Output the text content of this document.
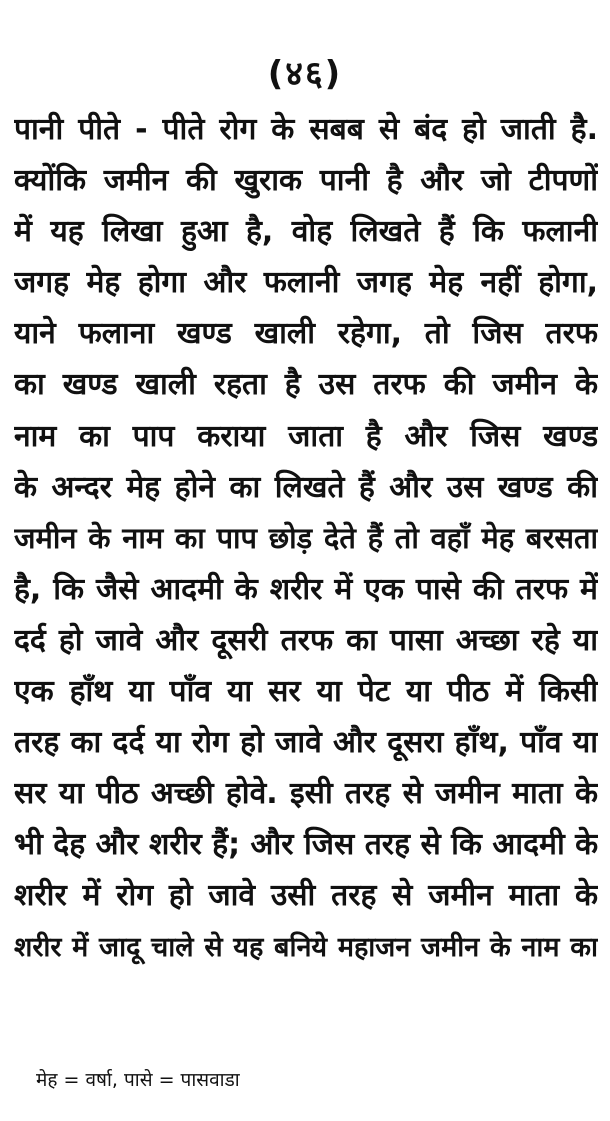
(४६)
पानी पीते - पीते रोग के सबब से बंद हो जाती है.
क्योंकि जमीन की खुराक पानी है और जो टीपणों
में यह लिखा हुआ है, वोह लिखते हैं कि फलानी
जगह मेह होगा और फलानी जगह मेह नहीं होगा,
याने फलाना खण्ड खाली रहेगा, तो जिस तरफ
का खण्ड खाली रहता है उस तरफ की जमीन के
नाम का पाप कराया जाता है और जिस खण्ड
के अन्दर मेह होने का लिखते हैं और उस खण्ड की
जमीन के नाम का पाप छोड़ देते हैं तो वहाँ मेह बरसता
है, कि जैसे आदमी के शरीर में एक पासे की तरफ में
दर्द हो जावे और दूसरी तरफ का पासा अच्छा रहे या
एक हाँथ या पाँव या सर या पेट या पीठ में किसी
तरह का दर्द या रोग हो जावे और दूसरा हाँथ, पाँव या
सर या पीठ अच्छी होवे. इसी तरह से जमीन माता के
भी देह और शरीर हैं; और जिस तरह से कि आदमी के
शरीर में रोग हो जावे उसी तरह से जमीन माता के
शरीर में जादू चाले से यह बनिये महाजन जमीन के नाम का
मेह = वर्षा, पासे = पासवाडा
